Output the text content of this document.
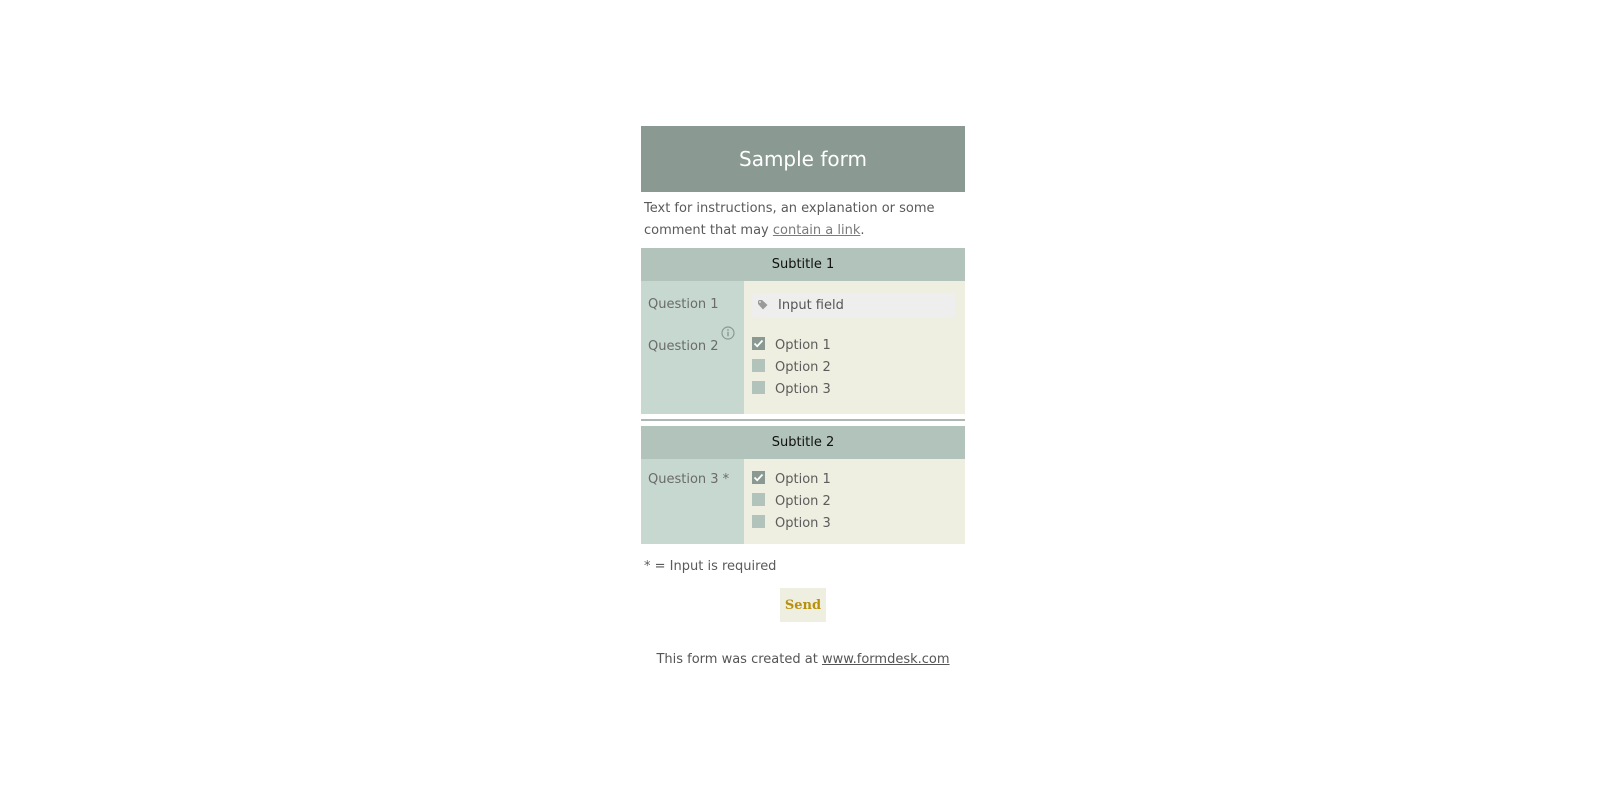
Sample form
Text for instructions, an explanation or some comment that may contain a link.
Subtitle 1
Question 1	Input field
Question 2	Option 1
Option 2
Option 3
Subtitle 2
Question 3 *	Option 1
Option 2
Option 3
* = Input is required
Send
This form was created at www.formdesk.com
